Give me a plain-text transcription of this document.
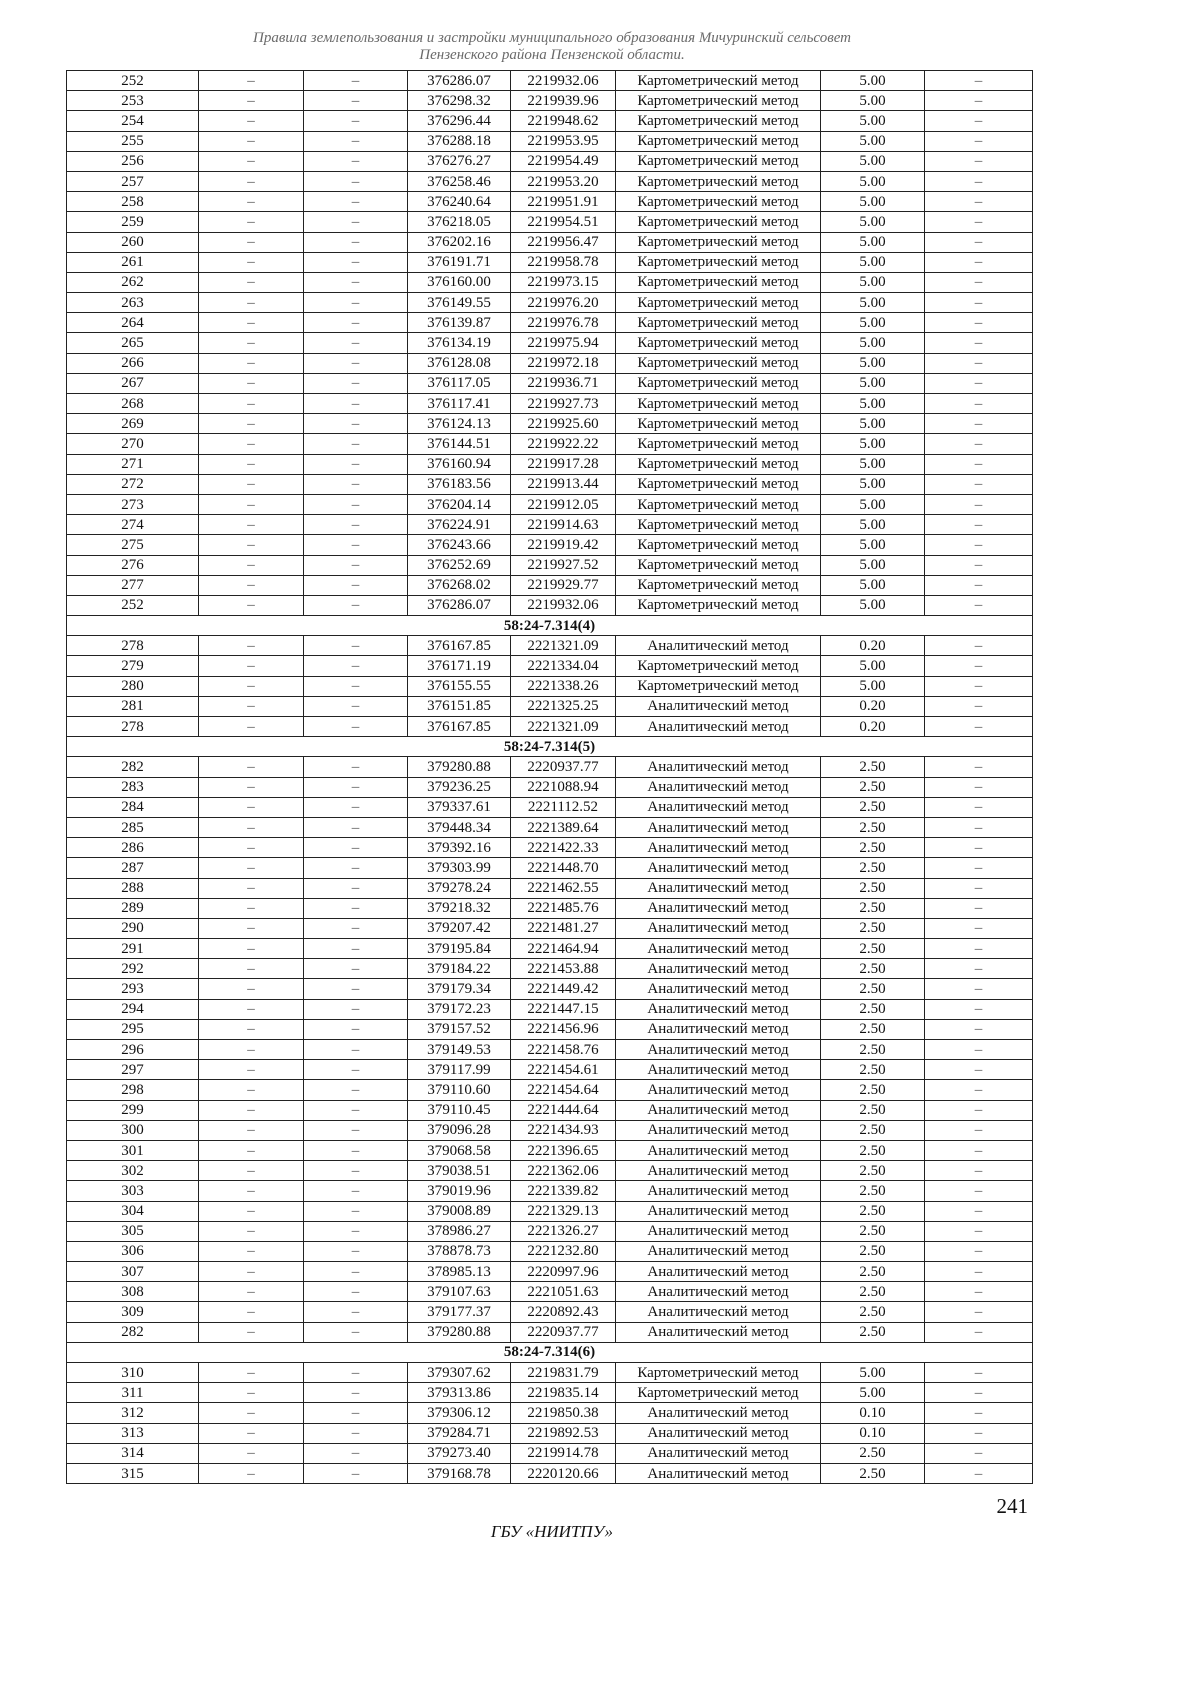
Правила землепользования и застройки муниципального образования Мичуринский сельсовет
Пензенского района Пензенской области.
252	–	–	376286.07	2219932.06	Картометрический метод	5.00	–
253	–	–	376298.32	2219939.96	Картометрический метод	5.00	–
254	–	–	376296.44	2219948.62	Картометрический метод	5.00	–
255	–	–	376288.18	2219953.95	Картометрический метод	5.00	–
256	–	–	376276.27	2219954.49	Картометрический метод	5.00	–
257	–	–	376258.46	2219953.20	Картометрический метод	5.00	–
258	–	–	376240.64	2219951.91	Картометрический метод	5.00	–
259	–	–	376218.05	2219954.51	Картометрический метод	5.00	–
260	–	–	376202.16	2219956.47	Картометрический метод	5.00	–
261	–	–	376191.71	2219958.78	Картометрический метод	5.00	–
262	–	–	376160.00	2219973.15	Картометрический метод	5.00	–
263	–	–	376149.55	2219976.20	Картометрический метод	5.00	–
264	–	–	376139.87	2219976.78	Картометрический метод	5.00	–
265	–	–	376134.19	2219975.94	Картометрический метод	5.00	–
266	–	–	376128.08	2219972.18	Картометрический метод	5.00	–
267	–	–	376117.05	2219936.71	Картометрический метод	5.00	–
268	–	–	376117.41	2219927.73	Картометрический метод	5.00	–
269	–	–	376124.13	2219925.60	Картометрический метод	5.00	–
270	–	–	376144.51	2219922.22	Картометрический метод	5.00	–
271	–	–	376160.94	2219917.28	Картометрический метод	5.00	–
272	–	–	376183.56	2219913.44	Картометрический метод	5.00	–
273	–	–	376204.14	2219912.05	Картометрический метод	5.00	–
274	–	–	376224.91	2219914.63	Картометрический метод	5.00	–
275	–	–	376243.66	2219919.42	Картометрический метод	5.00	–
276	–	–	376252.69	2219927.52	Картометрический метод	5.00	–
277	–	–	376268.02	2219929.77	Картометрический метод	5.00	–
252	–	–	376286.07	2219932.06	Картометрический метод	5.00	–
58:24-7.314(4)							
278	–	–	376167.85	2221321.09	Аналитический метод	0.20	–
279	–	–	376171.19	2221334.04	Картометрический метод	5.00	–
280	–	–	376155.55	2221338.26	Картометрический метод	5.00	–
281	–	–	376151.85	2221325.25	Аналитический метод	0.20	–
278	–	–	376167.85	2221321.09	Аналитический метод	0.20	–
58:24-7.314(5)							
282	–	–	379280.88	2220937.77	Аналитический метод	2.50	–
283	–	–	379236.25	2221088.94	Аналитический метод	2.50	–
284	–	–	379337.61	2221112.52	Аналитический метод	2.50	–
285	–	–	379448.34	2221389.64	Аналитический метод	2.50	–
286	–	–	379392.16	2221422.33	Аналитический метод	2.50	–
287	–	–	379303.99	2221448.70	Аналитический метод	2.50	–
288	–	–	379278.24	2221462.55	Аналитический метод	2.50	–
289	–	–	379218.32	2221485.76	Аналитический метод	2.50	–
290	–	–	379207.42	2221481.27	Аналитический метод	2.50	–
291	–	–	379195.84	2221464.94	Аналитический метод	2.50	–
292	–	–	379184.22	2221453.88	Аналитический метод	2.50	–
293	–	–	379179.34	2221449.42	Аналитический метод	2.50	–
294	–	–	379172.23	2221447.15	Аналитический метод	2.50	–
295	–	–	379157.52	2221456.96	Аналитический метод	2.50	–
296	–	–	379149.53	2221458.76	Аналитический метод	2.50	–
297	–	–	379117.99	2221454.61	Аналитический метод	2.50	–
298	–	–	379110.60	2221454.64	Аналитический метод	2.50	–
299	–	–	379110.45	2221444.64	Аналитический метод	2.50	–
300	–	–	379096.28	2221434.93	Аналитический метод	2.50	–
301	–	–	379068.58	2221396.65	Аналитический метод	2.50	–
302	–	–	379038.51	2221362.06	Аналитический метод	2.50	–
303	–	–	379019.96	2221339.82	Аналитический метод	2.50	–
304	–	–	379008.89	2221329.13	Аналитический метод	2.50	–
305	–	–	378986.27	2221326.27	Аналитический метод	2.50	–
306	–	–	378878.73	2221232.80	Аналитический метод	2.50	–
307	–	–	378985.13	2220997.96	Аналитический метод	2.50	–
308	–	–	379107.63	2221051.63	Аналитический метод	2.50	–
309	–	–	379177.37	2220892.43	Аналитический метод	2.50	–
282	–	–	379280.88	2220937.77	Аналитический метод	2.50	–
58:24-7.314(6)							
310	–	–	379307.62	2219831.79	Картометрический метод	5.00	–
311	–	–	379313.86	2219835.14	Картометрический метод	5.00	–
312	–	–	379306.12	2219850.38	Аналитический метод	0.10	–
313	–	–	379284.71	2219892.53	Аналитический метод	0.10	–
314	–	–	379273.40	2219914.78	Аналитический метод	2.50	–
315	–	–	379168.78	2220120.66	Аналитический метод	2.50	–
241
ГБУ «НИИТПУ»
